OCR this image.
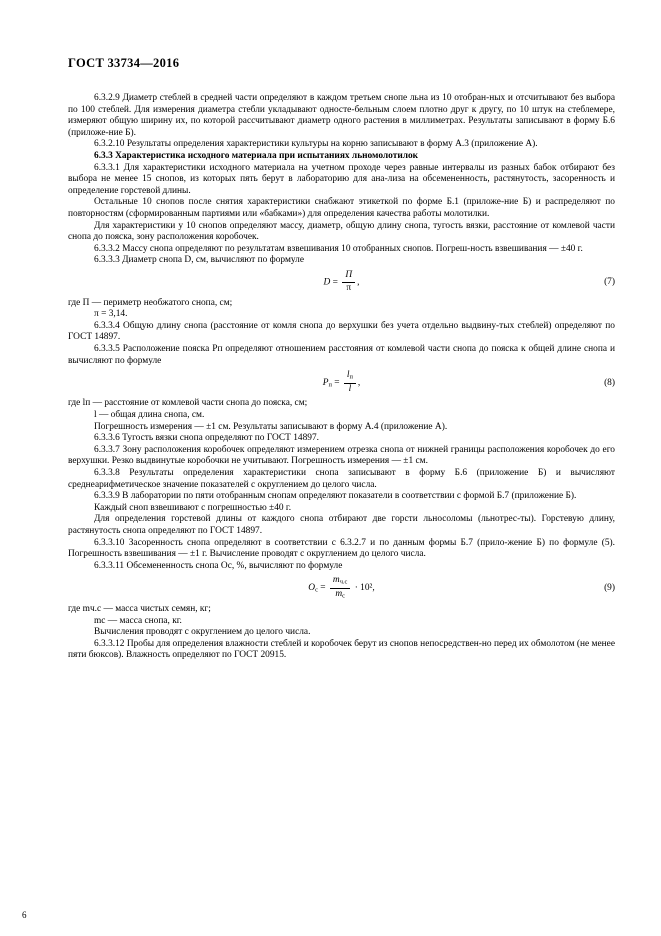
ГОСТ 33734—2016

6.3.2.9 Диаметр стеблей в средней части определяют в каждом третьем снопе льна из 10 отобран-ных и отсчитывают без выбора по 100 стеблей. Для измерения диаметра стебли укладывают односте-бельным слоем плотно друг к другу, по 10 штук на стеблемере, измеряют общую ширину их, по которой рассчитывают диаметр одного растения в миллиметрах. Результаты записывают в форму Б.6 (приложе-ние Б).

6.3.2.10 Результаты определения характеристики культуры на корню записывают в форму А.3 (приложение А).

6.3.3 Характеристика исходного материала при испытаниях льномолотилок

6.3.3.1 Для характеристики исходного материала на учетном проходе через равные интервалы из разных бабок отбирают без выбора не менее 15 снопов, из которых пять берут в лабораторию для ана-лиза на обсемененность, растянутость, засоренность и определение горстевой длины.

Остальные 10 снопов после снятия характеристики снабжают этикеткой по форме Б.1 (приложе-ние Б) и распределяют по повторностям (сформированным партиями или «бабками») для определения качества работы молотилки.

Для характеристики у 10 снопов определяют массу, диаметр, общую длину снопа, тугость вязки, расстояние от комлевой части снопа до пояска, зону расположения коробочек.

6.3.3.2 Массу снопа определяют по результатам взвешивания 10 отобранных снопов. Погреш-ность взвешивания — ±40 г.

6.3.3.3 Диаметр снопа D, см, вычисляют по формуле

$D = \frac{П}{\pi}$ ,	(7)

где П — периметр необжатого снопа, см;

π = 3,14.

6.3.3.4 Общую длину снопа (расстояние от комля снопа до верхушки без учета отдельно выдвину-тых стеблей) определяют по ГОСТ 14897.

6.3.3.5 Расположение пояска Pп определяют отношением расстояния от комлевой части снопа до пояска к общей длине снопа и вычисляют по формуле

$P_п = \frac{l_п}{l}$ ,	(8)

где lп — расстояние от комлевой части снопа до пояска, см;

l — общая длина снопа, см.

Погрешность измерения — ±1 см. Результаты записывают в форму А.4 (приложение А).

6.3.3.6 Тугость вязки снопа определяют по ГОСТ 14897.

6.3.3.7 Зону расположения коробочек определяют измерением отрезка снопа от нижней границы расположения коробочек до его верхушки. Резко выдвинутые коробочки не учитывают. Погрешность измерения — ±1 см.

6.3.3.8 Результаты определения характеристики снопа записывают в форму Б.6 (приложение Б) и вычисляют среднеарифметическое значение показателей с округлением до целого числа.

6.3.3.9 В лаборатории по пяти отобранным снопам определяют показатели в соответствии с формой Б.7 (приложение Б).

Каждый сноп взвешивают с погрешностью ±40 г.

Для определения горстевой длины от каждого снопа отбирают две горсти льносоломы (льнотрес-ты). Горстевую длину, растянутость снопа определяют по ГОСТ 14897.

6.3.3.10 Засоренность снопа определяют в соответствии с 6.3.2.7 и по данным формы Б.7 (прило-жение Б) по формуле (5). Погрешность взвешивания — ±1 г. Вычисление проводят с округлением до целого числа.

6.3.3.11 Обсемененность снопа Oс, %, вычисляют по формуле

$O_с = \frac{m_{ч.с}}{m_с} \cdot 10^2$,	(9)

где mч.с — масса чистых семян, кг;

mс — масса снопа, кг.

Вычисления проводят с округлением до целого числа.

6.3.3.12 Пробы для определения влажности стеблей и коробочек берут из снопов непосредствен-но перед их обмолотом (не менее пяти бюксов). Влажность определяют по ГОСТ 20915.

6
